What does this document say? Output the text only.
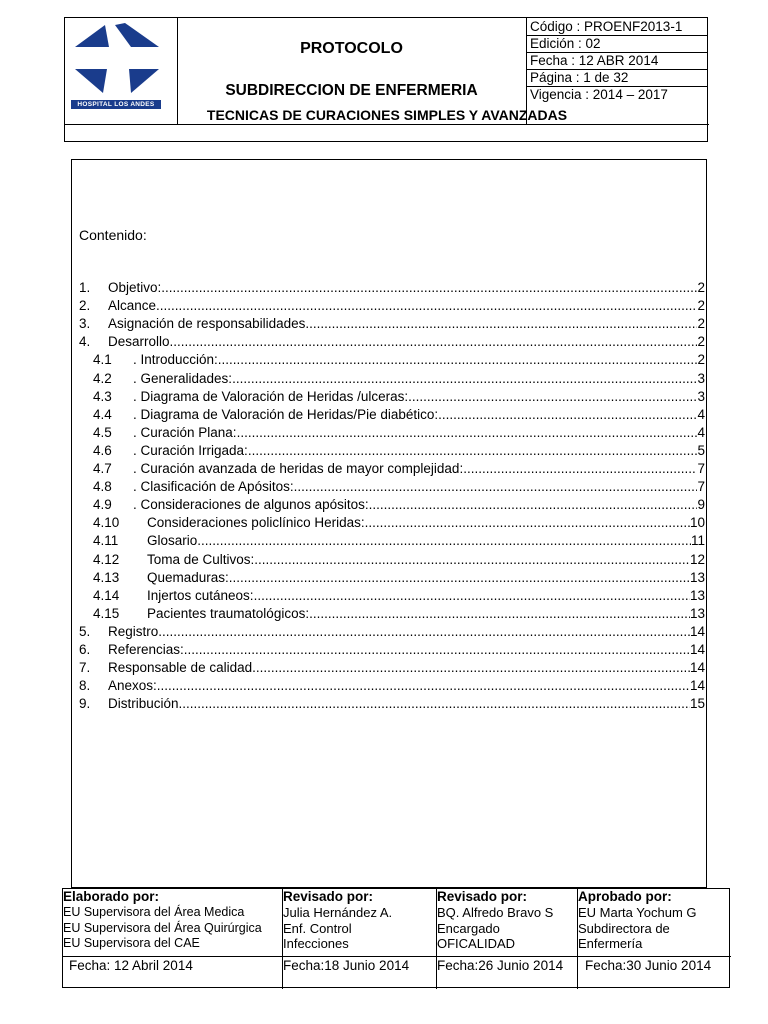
HOSPITAL LOS ANDES
PROTOCOLO
SUBDIRECCION DE ENFERMERIA
Código : PROENF2013-1
Edición : 02
Fecha : 12 ABR 2014
Página : 1 de 32
Vigencia : 2014 – 2017
TECNICAS DE CURACIONES SIMPLES Y AVANZADAS
Contenido:
1.	Objetivo: .....	2
2.	Alcance .....	2
3.	Asignación de responsabilidades. .....	2
4.	Desarrollo. .....	2
4.1	. Introducción: .....	2
4.2	. Generalidades: .....	3
4.3	. Diagrama de Valoración de Heridas /ulceras: .....	3
4.4	. Diagrama de Valoración de Heridas/Pie diabético: .....	4
4.5	. Curación Plana: .....	4
4.6	. Curación Irrigada: .....	5
4.7	. Curación avanzada de heridas de mayor complejidad: .....	7
4.8	. Clasificación de Apósitos: .....	7
4.9	. Consideraciones de algunos apósitos: .....	9
4.10	Consideraciones policlínico Heridas: .....	10
4.11	Glosario .....	11
4.12	Toma de Cultivos: .....	12
4.13	Quemaduras: .....	13
4.14	Injertos cutáneos: .....	13
4.15	Pacientes traumatológicos: .....	13
5.	Registro. .....	14
6.	Referencias: .....	14
7.	Responsable de calidad .....	14
8.	Anexos: .....	14
9.	Distribución .....	15
Elaborado por:
EU Supervisora del Área Medica
EU Supervisora del Área Quirúrgica
EU Supervisora del CAE
Fecha: 12 Abril 2014
Revisado por:
Julia Hernández A.
Enf. Control
Infecciones
Fecha:18 Junio 2014
Revisado por:
BQ. Alfredo Bravo S
Encargado
OFICALIDAD
Fecha:26 Junio 2014
Aprobado por:
EU Marta Yochum G
Subdirectora de
Enfermería
Fecha:30 Junio 2014
